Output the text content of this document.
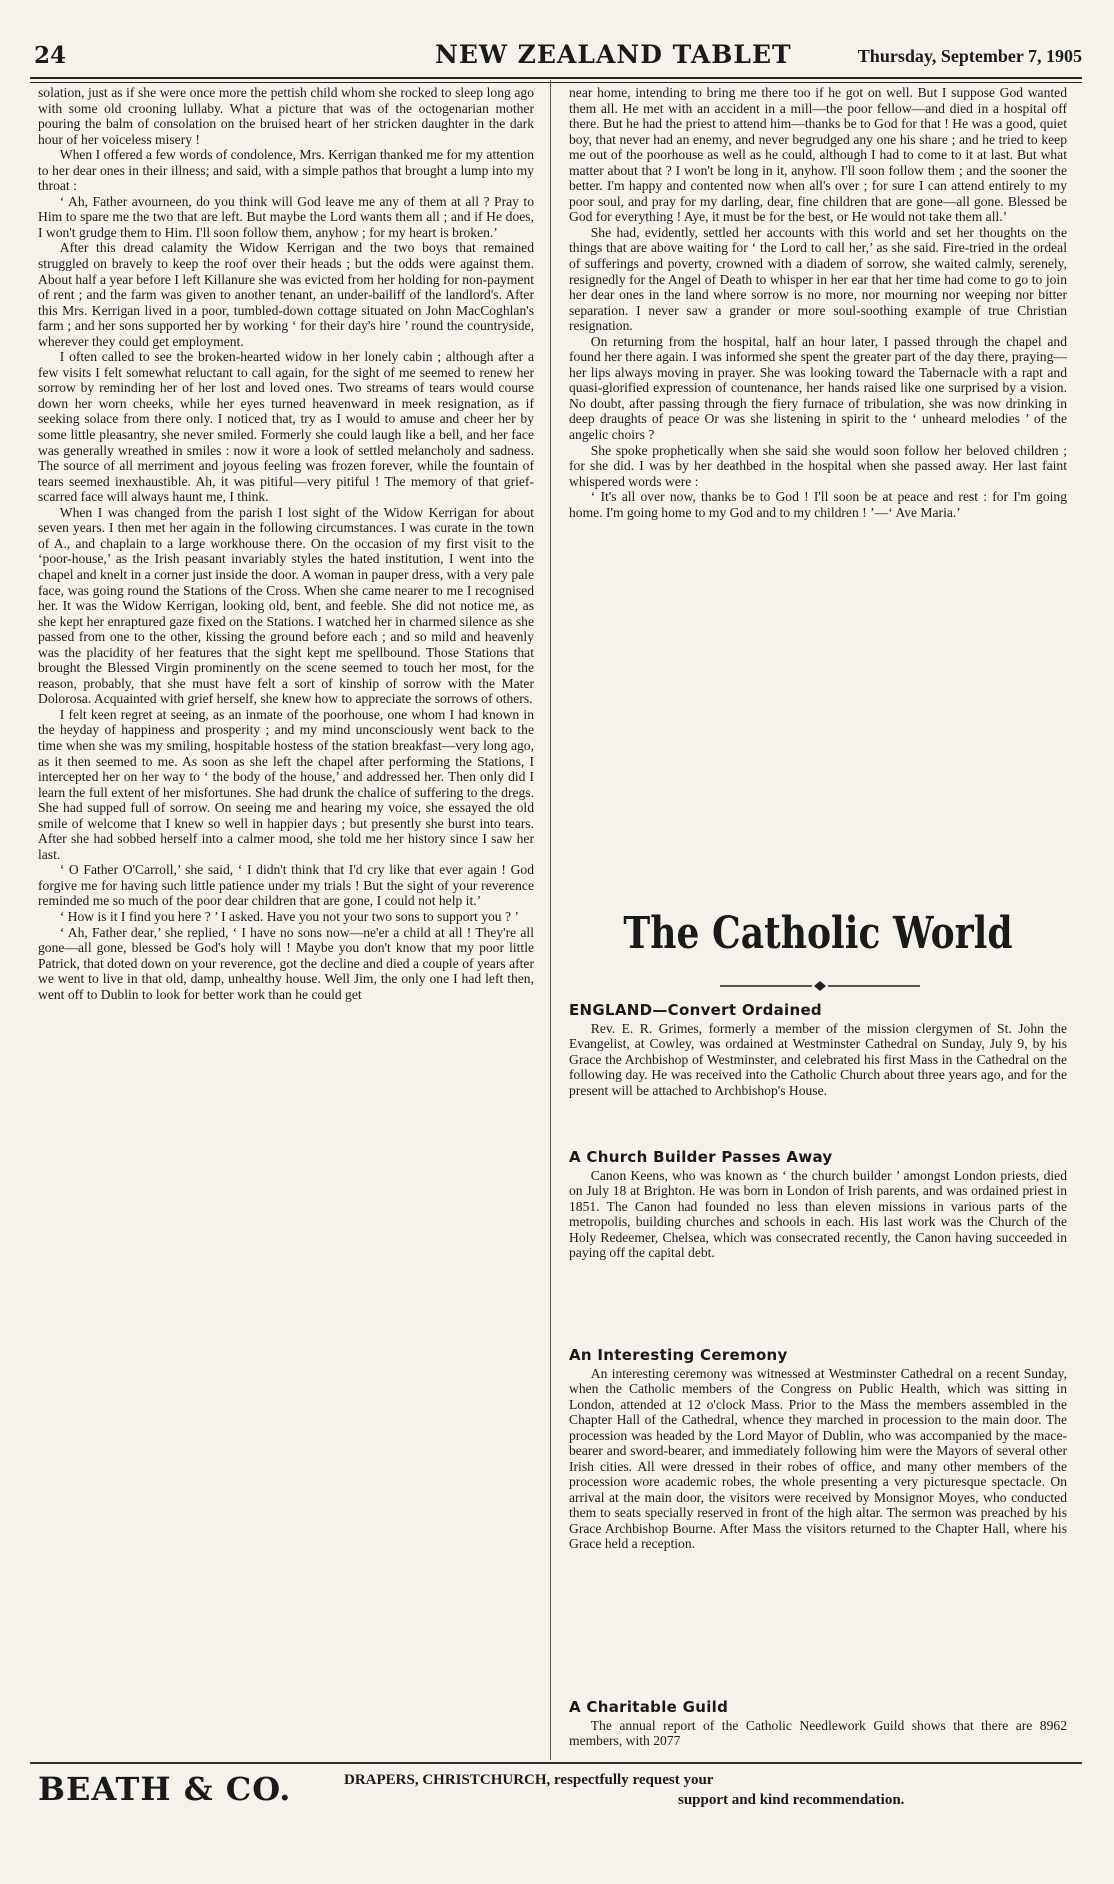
24	NEW ZEALAND TABLET	Thursday, September 7, 1905

solation, just as if she were once more the pettish child whom she rocked to sleep long ago with some old crooning lullaby. What a picture that was of the octogenarian mother pouring the balm of consolation on the bruised heart of her stricken daughter in the dark hour of her voiceless misery !

When I offered a few words of condolence, Mrs. Kerrigan thanked me for my attention to her dear ones in their illness; and said, with a simple pathos that brought a lump into my throat :

‘ Ah, Father avourneen, do you think will God leave me any of them at all ? Pray to Him to spare me the two that are left. But maybe the Lord wants them all ; and if He does, I won't grudge them to Him. I'll soon follow them, anyhow ; for my heart is broken.’

After this dread calamity the Widow Kerrigan and the two boys that remained struggled on bravely to keep the roof over their heads ; but the odds were against them. About half a year before I left Killanure she was evicted from her holding for non-payment of rent ; and the farm was given to another tenant, an under-bailiff of the landlord's. After this Mrs. Kerrigan lived in a poor, tumbled-down cottage situated on John MacCoghlan's farm ; and her sons supported her by working ‘ for their day's hire ’ round the countryside, wherever they could get employment.

I often called to see the broken-hearted widow in her lonely cabin ; although after a few visits I felt somewhat reluctant to call again, for the sight of me seemed to renew her sorrow by reminding her of her lost and loved ones. Two streams of tears would course down her worn cheeks, while her eyes turned heavenward in meek resignation, as if seeking solace from there only. I noticed that, try as I would to amuse and cheer her by some little pleasantry, she never smiled. Formerly she could laugh like a bell, and her face was generally wreathed in smiles : now it wore a look of settled melancholy and sadness. The source of all merriment and joyous feeling was frozen forever, while the fountain of tears seemed inexhaustible. Ah, it was pitiful—very pitiful ! The memory of that grief-scarred face will always haunt me, I think.

When I was changed from the parish I lost sight of the Widow Kerrigan for about seven years. I then met her again in the following circumstances. I was curate in the town of A., and chaplain to a large workhouse there. On the occasion of my first visit to the ‘poor-house,’ as the Irish peasant invariably styles the hated institution, I went into the chapel and knelt in a corner just inside the door. A woman in pauper dress, with a very pale face, was going round the Stations of the Cross. When she came nearer to me I recognised her. It was the Widow Kerrigan, looking old, bent, and feeble. She did not notice me, as she kept her enraptured gaze fixed on the Stations. I watched her in charmed silence as she passed from one to the other, kissing the ground before each ; and so mild and heavenly was the placidity of her features that the sight kept me spellbound. Those Stations that brought the Blessed Virgin prominently on the scene seemed to touch her most, for the reason, probably, that she must have felt a sort of kinship of sorrow with the Mater Dolorosa. Acquainted with grief herself, she knew how to appreciate the sorrows of others.

I felt keen regret at seeing, as an inmate of the poorhouse, one whom I had known in the heyday of happiness and prosperity ; and my mind unconsciously went back to the time when she was my smiling, hospitable hostess of the station breakfast—very long ago, as it then seemed to me. As soon as she left the chapel after performing the Stations, I intercepted her on her way to ‘ the body of the house,’ and addressed her. Then only did I learn the full extent of her misfortunes. She had drunk the chalice of suffering to the dregs. She had supped full of sorrow. On seeing me and hearing my voice, she essayed the old smile of welcome that I knew so well in happier days ; but presently she burst into tears. After she had sobbed herself into a calmer mood, she told me her history since I saw her last.

‘ O Father O'Carroll,’ she said, ‘ I didn't think that I'd cry like that ever again ! God forgive me for having such little patience under my trials ! But the sight of your reverence reminded me so much of the poor dear children that are gone, I could not help it.’

‘ How is it I find you here ? ’ I asked. Have you not your two sons to support you ? ’

‘ Ah, Father dear,’ she replied, ‘ I have no sons now—ne'er a child at all ! They're all gone—all gone, blessed be God's holy will ! Maybe you don't know that my poor little Patrick, that doted down on your reverence, got the decline and died a couple of years after we went to live in that old, damp, unhealthy house. Well Jim, the only one I had left then, went off to Dublin to look for better work than he could get

near home, intending to bring me there too if he got on well. But I suppose God wanted them all. He met with an accident in a mill—the poor fellow—and died in a hospital off there. But he had the priest to attend him—thanks be to God for that ! He was a good, quiet boy, that never had an enemy, and never begrudged any one his share ; and he tried to keep me out of the poorhouse as well as he could, although I had to come to it at last. But what matter about that ? I won't be long in it, anyhow. I'll soon follow them ; and the sooner the better. I'm happy and contented now when all's over ; for sure I can attend entirely to my poor soul, and pray for my darling, dear, fine children that are gone—all gone. Blessed be God for everything ! Aye, it must be for the best, or He would not take them all.’

She had, evidently, settled her accounts with this world and set her thoughts on the things that are above waiting for ‘ the Lord to call her,’ as she said. Fire-tried in the ordeal of sufferings and poverty, crowned with a diadem of sorrow, she waited calmly, serenely, resignedly for the Angel of Death to whisper in her ear that her time had come to go to join her dear ones in the land where sorrow is no more, nor mourning nor weeping nor bitter separation. I never saw a grander or more soul-soothing example of true Christian resignation.

On returning from the hospital, half an hour later, I passed through the chapel and found her there again. I was informed she spent the greater part of the day there, praying—her lips always moving in prayer. She was looking toward the Tabernacle with a rapt and quasi-glorified expression of countenance, her hands raised like one surprised by a vision. No doubt, after passing through the fiery furnace of tribulation, she was now drinking in deep draughts of peace Or was she listening in spirit to the ‘ unheard melodies ’ of the angelic choirs ?

She spoke prophetically when she said she would soon follow her beloved children ; for she did. I was by her deathbed in the hospital when she passed away. Her last faint whispered words were :

‘ It's all over now, thanks be to God ! I'll soon be at peace and rest : for I'm going home. I'm going home to my God and to my children ! ’—‘ Ave Maria.’

The Catholic World
ENGLAND—Convert Ordained

Rev. E. R. Grimes, formerly a member of the mission clergymen of St. John the Evangelist, at Cowley, was ordained at Westminster Cathedral on Sunday, July 9, by his Grace the Archbishop of Westminster, and celebrated his first Mass in the Cathedral on the following day. He was received into the Catholic Church about three years ago, and for the present will be attached to Archbishop's House.

A Church Builder Passes Away

Canon Keens, who was known as ‘ the church builder ’ amongst London priests, died on July 18 at Brighton. He was born in London of Irish parents, and was ordained priest in 1851. The Canon had founded no less than eleven missions in various parts of the metropolis, building churches and schools in each. His last work was the Church of the Holy Redeemer, Chelsea, which was consecrated recently, the Canon having succeeded in paying off the capital debt.

An Interesting Ceremony

An interesting ceremony was witnessed at Westminster Cathedral on a recent Sunday, when the Catholic members of the Congress on Public Health, which was sitting in London, attended at 12 o'clock Mass. Prior to the Mass the members assembled in the Chapter Hall of the Cathedral, whence they marched in procession to the main door. The procession was headed by the Lord Mayor of Dublin, who was accompanied by the mace-bearer and sword-bearer, and immediately following him were the Mayors of several other Irish cities. All were dressed in their robes of office, and many other members of the procession wore academic robes, the whole presenting a very picturesque spectacle. On arrival at the main door, the visitors were received by Monsignor Moyes, who conducted them to seats specially reserved in front of the high altar. The sermon was preached by his Grace Archbishop Bourne. After Mass the visitors returned to the Chapter Hall, where his Grace held a reception.

A Charitable Guild

The annual report of the Catholic Needlework Guild shows that there are 8962 members, with 2077

BEATH & CO.	DRAPERS, CHRISTCHURCH, respectfully request your
support and kind recommendation.
